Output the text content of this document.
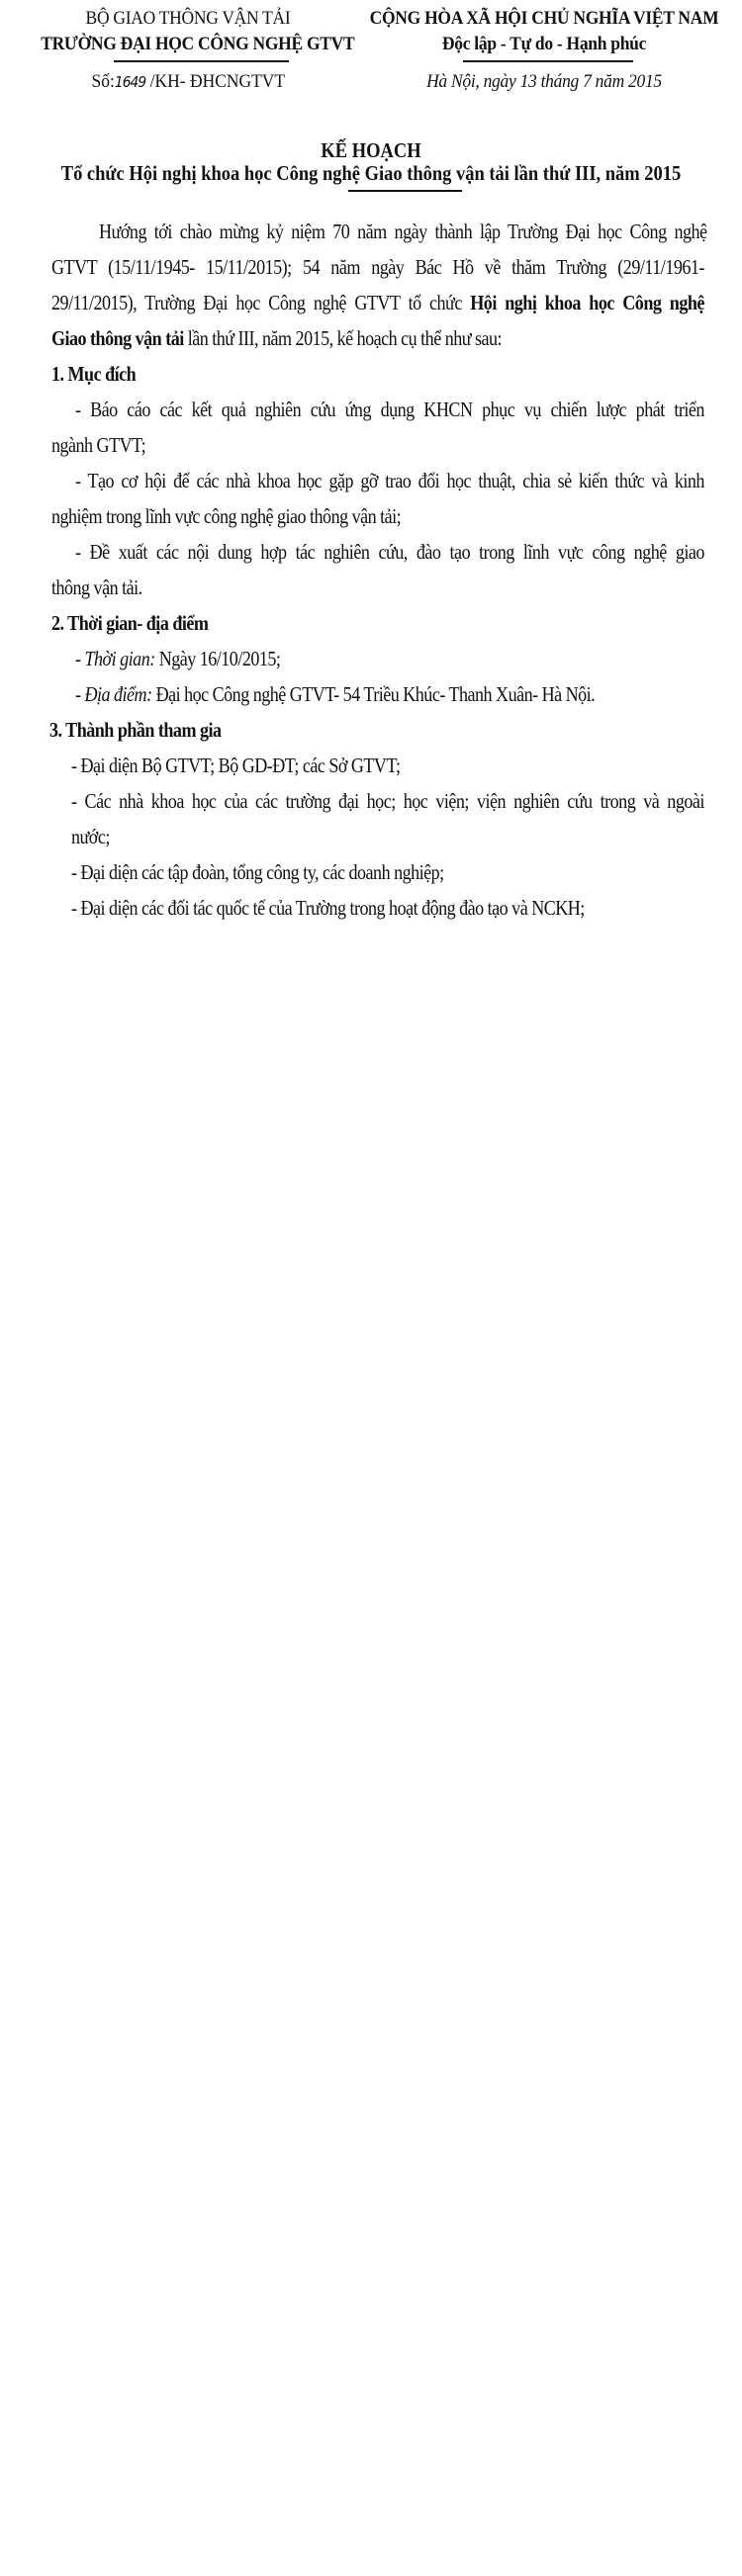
BỘ GIAO THÔNG VẬN TẢI
TRƯỜNG ĐẠI HỌC CÔNG NGHỆ GTVT
Số:1649 /KH- ĐHCNGTVT
CỘNG HÒA XÃ HỘI CHỦ NGHĨA VIỆT NAM
Độc lập - Tự do - Hạnh phúc
Hà Nội, ngày 13 tháng 7 năm 2015
KẾ HOẠCH
Tổ chức Hội nghị khoa học Công nghệ Giao thông vận tải lần thứ III, năm 2015
Hướng tới chào mừng kỷ niệm 70 năm ngày thành lập Trường Đại học Công nghệ
GTVT (15/11/1945- 15/11/2015); 54 năm ngày Bác Hồ về thăm Trường (29/11/1961-
29/11/2015), Trường Đại học Công nghệ GTVT tổ chức Hội nghị khoa học Công nghệ
Giao thông vận tải lần thứ III, năm 2015, kế hoạch cụ thể như sau:
1. Mục đích
- Báo cáo các kết quả nghiên cứu ứng dụng KHCN phục vụ chiến lược phát triển
ngành GTVT;
- Tạo cơ hội để các nhà khoa học gặp gỡ trao đổi học thuật, chia sẻ kiến thức và kinh
nghiệm trong lĩnh vực công nghệ giao thông vận tải;
- Đề xuất các nội dung hợp tác nghiên cứu, đào tạo trong lĩnh vực công nghệ giao
thông vận tải.
2. Thời gian- địa điểm
- Thời gian: Ngày 16/10/2015;
- Địa điểm: Đại học Công nghệ GTVT- 54 Triều Khúc- Thanh Xuân- Hà Nội.
3. Thành phần tham gia
- Đại diện Bộ GTVT; Bộ GD-ĐT; các Sở GTVT;
- Các nhà khoa học của các trường đại học; học viện; viện nghiên cứu trong và ngoài
nước;
- Đại diện các tập đoàn, tổng công ty, các doanh nghiệp;
- Đại diện các đối tác quốc tế của Trường trong hoạt động đào tạo và NCKH;
